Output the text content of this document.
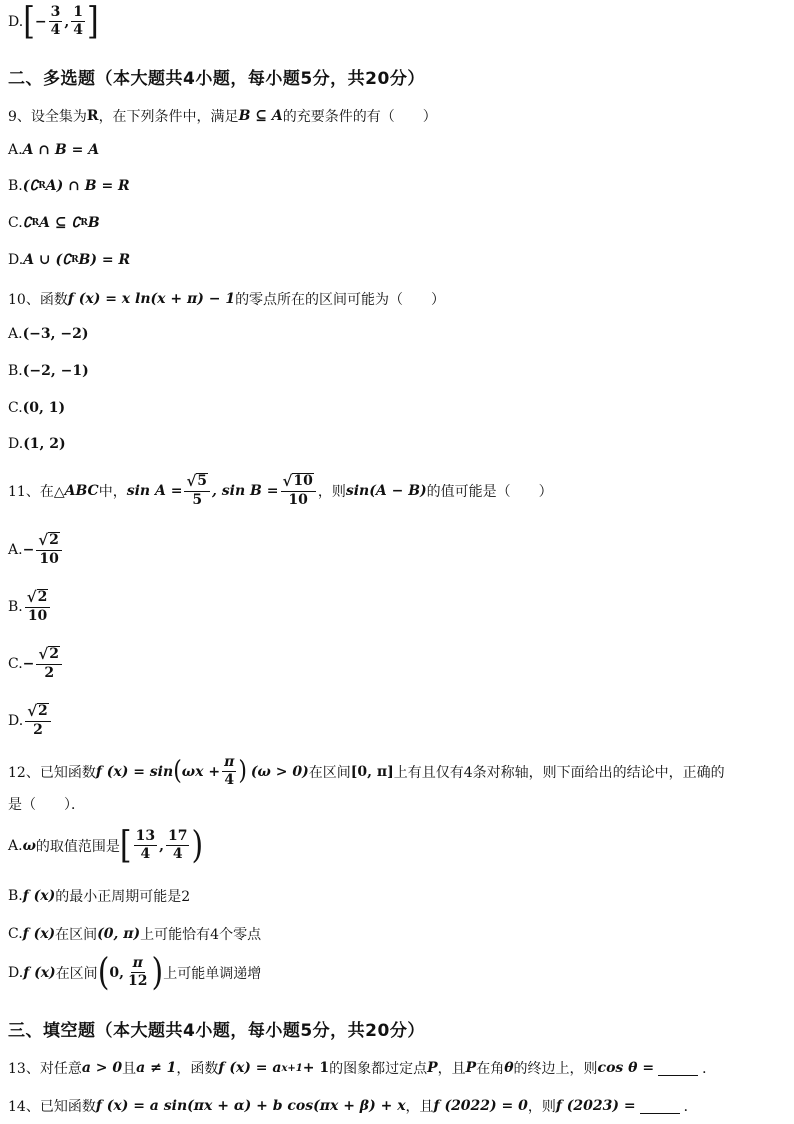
D. [ − $\frac{3}{4}$ , $\frac{1}{4}$ ]
二、多选题（本大题共4小题，每小题5分，共20分）
9、设全集为 R ，在下列条件中，满足 B ⊆ A 的充要条件的有（　　）
A. A ∩ B = A
B. (∁ R A) ∩ B = R
C. ∁ R A ⊆ ∁ R B
D. A ∪ (∁ R B) = R
10、函数 f (x) = x ln(x + π) − 1 的零点所在的区间可能为（　　）
A. (−3, −2)
B. (−2, −1)
C. (0, 1)
D. (1, 2)
11、在△ ABC 中， $\sin A = \frac{√ 5}{5}$ , $\sin B = \frac{√ 10}{10}$ ，则 sin(A − B) 的值可能是（　　）
A. − $\frac{√ 2}{10}$
B. $\frac{√ 2}{10}$
C. − $\frac{√ 2}{2}$
D. $\frac{√ 2}{2}$
12、已知函数 f (x) = sin ( $\omega x + \frac{\pi}{4}$ ) (ω > 0) 在区间 [0, π] 上有且仅有4条对称轴，则下面给出的结论中，正确的
是（　　）．
A. ω 的取值范围是 [ $\frac{13}{4}$ , $\frac{17}{4}$ )
B. f (x) 的最小正周期可能是2
C. f (x) 在区间 (0, π) 上可能恰有4个零点
D. f (x) 在区间 ( 0, $\frac{\pi}{12}$ ) 上可能单调递增
三、填空题（本大题共4小题，每小题5分，共20分）
13、对任意 a > 0 且 a ≠ 1 ，函数 f (x) = a x+1 + 1 的图象都过定点 P ，且 P 在角 θ 的终边上，则 cos θ =	．
14、已知函数 f (x) = a sin(πx + α) + b cos(πx + β) + x ，且 f (2022) = 0 ，则 f (2023) =	．
